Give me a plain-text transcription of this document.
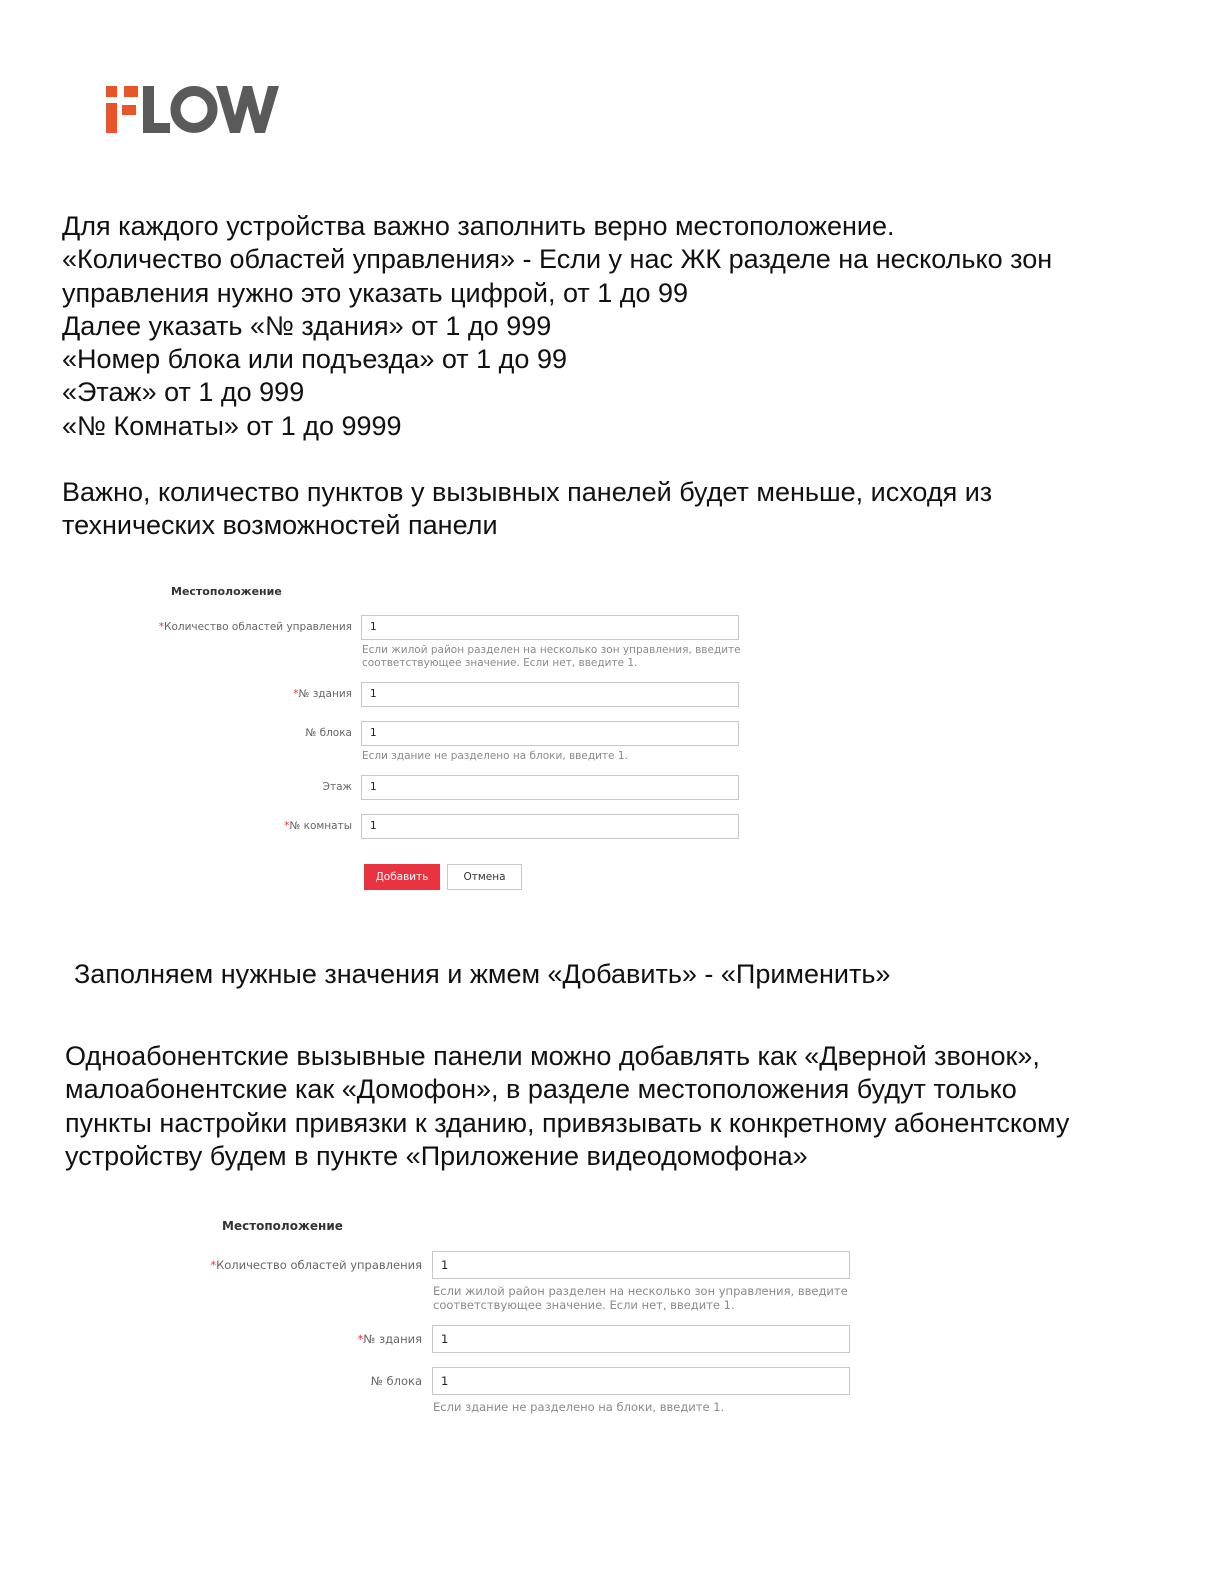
Для каждого устройства важно заполнить верно местоположение.
«Количество областей управления» - Если у нас ЖК разделе на несколько зон
управления нужно это указать цифрой, от 1 до 99
Далее указать «№ здания» от 1 до 999
«Номер блока или подъезда» от 1 до 99
«Этаж» от 1 до 999
«№ Комнаты» от 1 до 9999
Важно, количество пунктов у вызывных панелей будет меньше, исходя из
технических возможностей панели
Местоположение
*Количество областей управления	1
Если жилой район разделен на несколько зон управления, введите
соответствующее значение. Если нет, введите 1.
*№ здания	1
№ блока	1
Если здание не разделено на блоки, введите 1.
Этаж	1
*№ комнаты	1
Добавить	Отмена
Заполняем нужные значения и жмем «Добавить» - «Применить»
Одноабонентские вызывные панели можно добавлять как «Дверной звонок»,
малоабонентские как «Домофон», в разделе местоположения будут только
пункты настройки привязки к зданию, привязывать к конкретному абонентскому
устройству будем в пункте «Приложение видеодомофона»
Местоположение
*Количество областей управления	1
Если жилой район разделен на несколько зон управления, введите
соответствующее значение. Если нет, введите 1.
*№ здания	1
№ блока	1
Если здание не разделено на блоки, введите 1.
